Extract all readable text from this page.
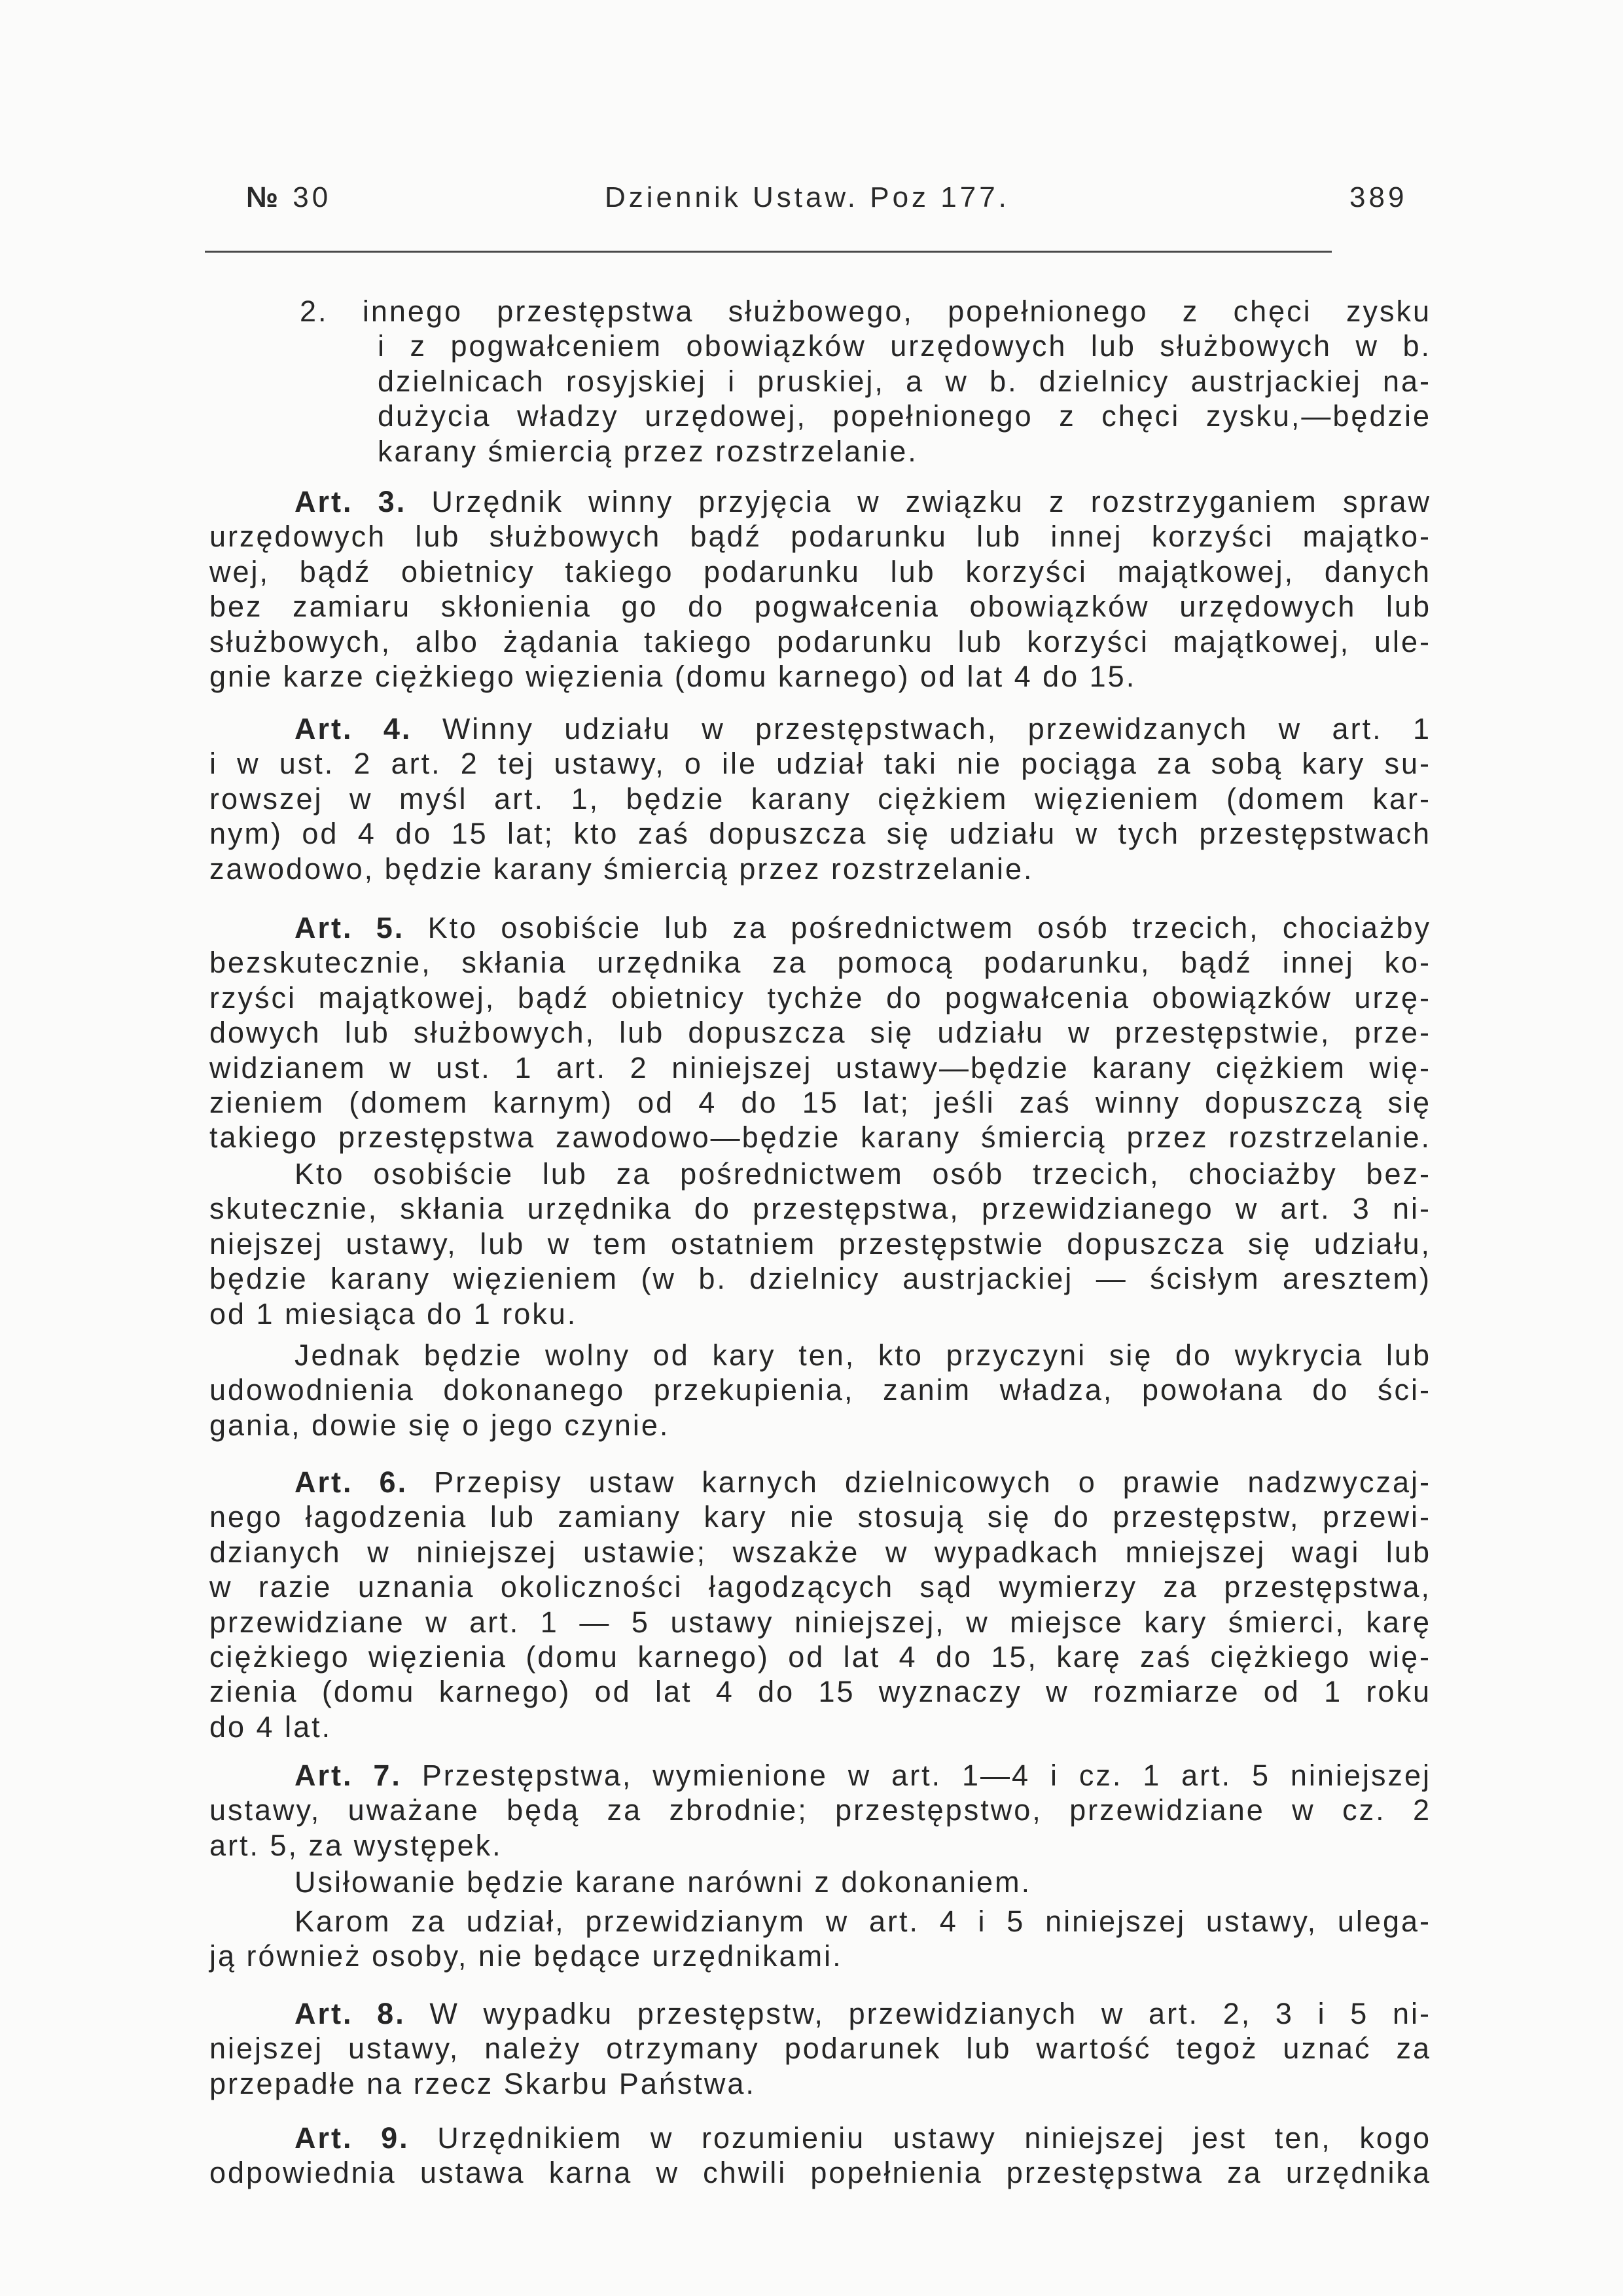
№ 30	Dziennik Ustaw. Poz 177.	389
2. innego przestępstwa służbowego, popełnionego z chęci zysku
i z pogwałceniem obowiązków urzędowych lub służbowych w b.
dzielnicach rosyjskiej i pruskiej, a w b. dzielnicy austrjackiej na-
dużycia władzy urzędowej, popełnionego z chęci zysku,—będzie
karany śmiercią przez rozstrzelanie.
Art. 3. Urzędnik winny przyjęcia w związku z rozstrzyganiem spraw
urzędowych lub służbowych bądź podarunku lub innej korzyści majątko-
wej, bądź obietnicy takiego podarunku lub korzyści majątkowej, danych
bez zamiaru skłonienia go do pogwałcenia obowiązków urzędowych lub
służbowych, albo żądania takiego podarunku lub korzyści majątkowej, ule-
gnie karze ciężkiego więzienia (domu karnego) od lat 4 do 15.
Art. 4. Winny udziału w przestępstwach, przewidzanych w art. 1
i w ust. 2 art. 2 tej ustawy, o ile udział taki nie pociąga za sobą kary su-
rowszej w myśl art. 1, będzie karany ciężkiem więzieniem (domem kar-
nym) od 4 do 15 lat; kto zaś dopuszcza się udziału w tych przestępstwach
zawodowo, będzie karany śmiercią przez rozstrzelanie.
Art. 5. Kto osobiście lub za pośrednictwem osób trzecich, chociażby
bezskutecznie, skłania urzędnika za pomocą podarunku, bądź innej ko-
rzyści majątkowej, bądź obietnicy tychże do pogwałcenia obowiązków urzę-
dowych lub służbowych, lub dopuszcza się udziału w przestępstwie, prze-
widzianem w ust. 1 art. 2 niniejszej ustawy—będzie karany ciężkiem wię-
zieniem (domem karnym) od 4 do 15 lat; jeśli zaś winny dopuszczą się
takiego przestępstwa zawodowo—będzie karany śmiercią przez rozstrzelanie.
Kto osobiście lub za pośrednictwem osób trzecich, chociażby bez-
skutecznie, skłania urzędnika do przestępstwa, przewidzianego w art. 3 ni-
niejszej ustawy, lub w tem ostatniem przestępstwie dopuszcza się udziału,
będzie karany więzieniem (w b. dzielnicy austrjackiej — ścisłym aresztem)
od 1 miesiąca do 1 roku.
Jednak będzie wolny od kary ten, kto przyczyni się do wykrycia lub
udowodnienia dokonanego przekupienia, zanim władza, powołana do ści-
gania, dowie się o jego czynie.
Art. 6. Przepisy ustaw karnych dzielnicowych o prawie nadzwyczaj-
nego łagodzenia lub zamiany kary nie stosują się do przestępstw, przewi-
dzianych w niniejszej ustawie; wszakże w wypadkach mniejszej wagi lub
w razie uznania okoliczności łagodzących sąd wymierzy za przestępstwa,
przewidziane w art. 1 — 5 ustawy niniejszej, w miejsce kary śmierci, karę
ciężkiego więzienia (domu karnego) od lat 4 do 15, karę zaś ciężkiego wię-
zienia (domu karnego) od lat 4 do 15 wyznaczy w rozmiarze od 1 roku
do 4 lat.
Art. 7. Przestępstwa, wymienione w art. 1—4 i cz. 1 art. 5 niniejszej
ustawy, uważane będą za zbrodnie; przestępstwo, przewidziane w cz. 2
art. 5, za występek.
Usiłowanie będzie karane narówni z dokonaniem.
Karom za udział, przewidzianym w art. 4 i 5 niniejszej ustawy, ulega-
ją również osoby, nie będące urzędnikami.
Art. 8. W wypadku przestępstw, przewidzianych w art. 2, 3 i 5 ni-
niejszej ustawy, należy otrzymany podarunek lub wartość tegoż uznać za
przepadłe na rzecz Skarbu Państwa.
Art. 9. Urzędnikiem w rozumieniu ustawy niniejszej jest ten, kogo
odpowiednia ustawa karna w chwili popełnienia przestępstwa za urzędnika
